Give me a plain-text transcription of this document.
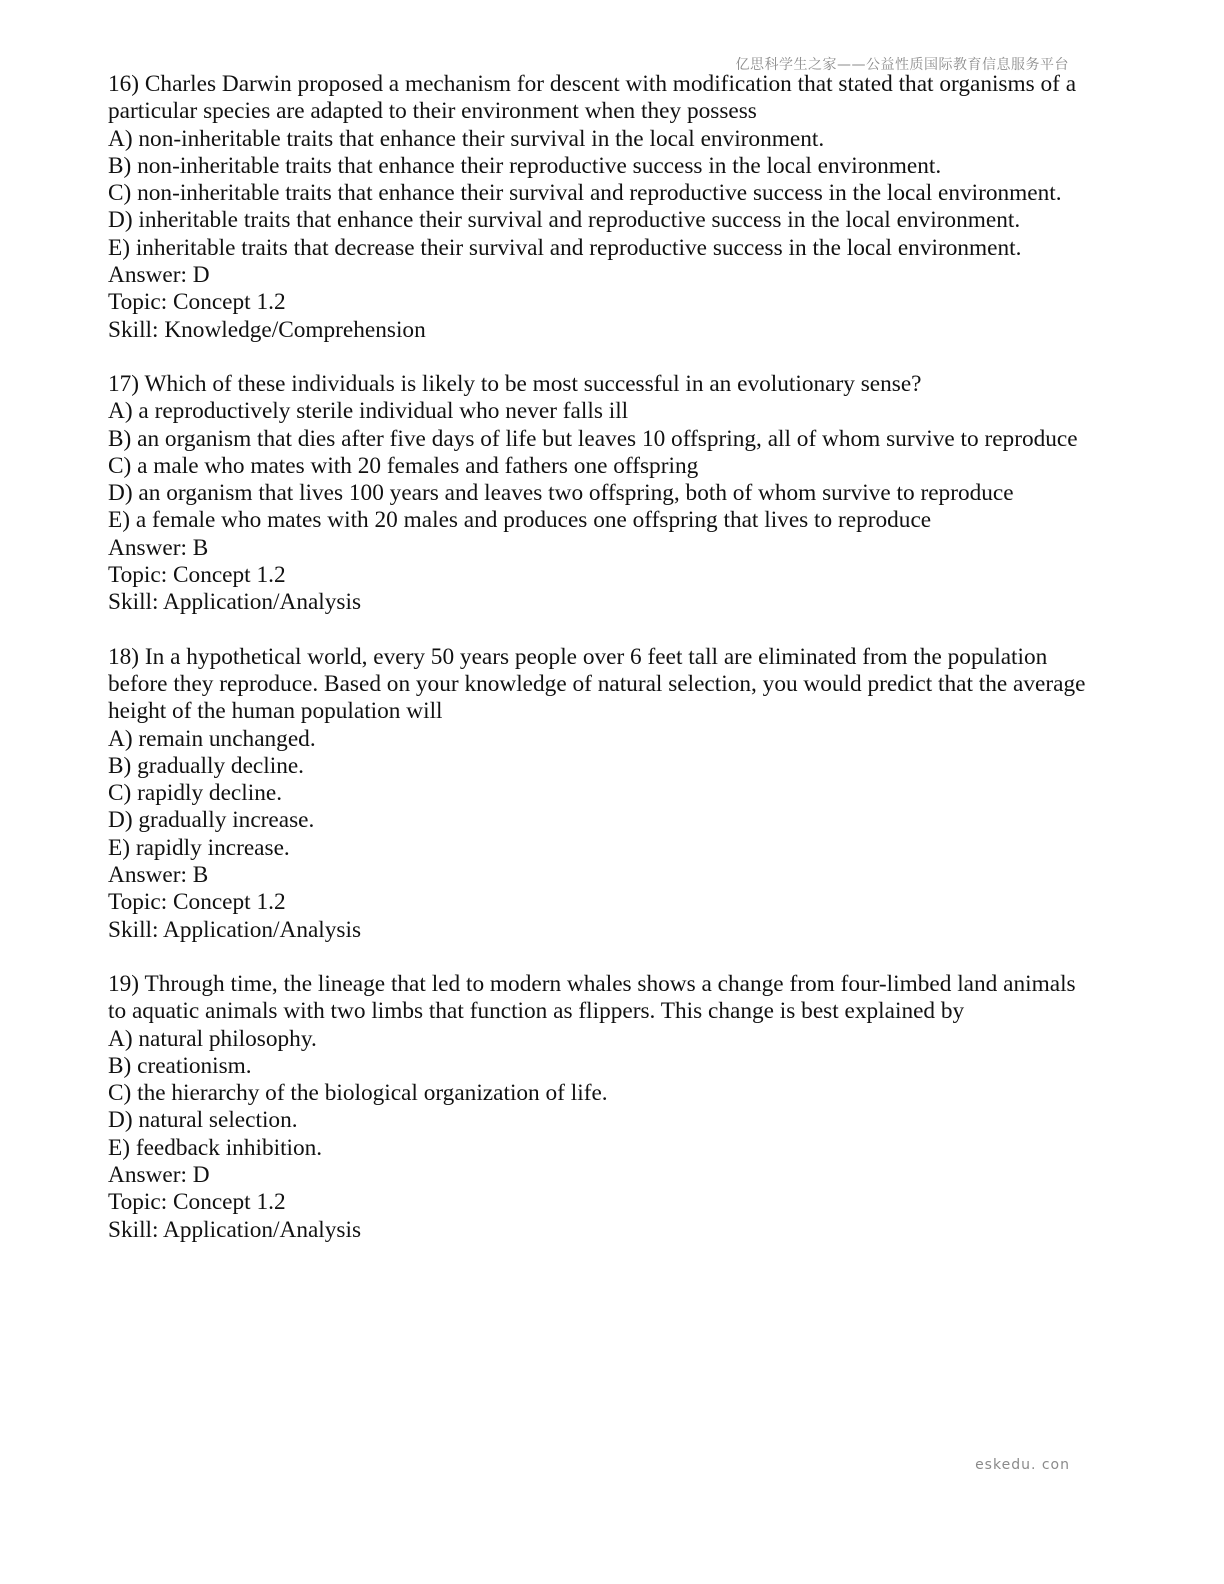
亿思科学生之家——公益性质国际教育信息服务平台
16) Charles Darwin proposed a mechanism for descent with modification that stated that organisms of a
particular species are adapted to their environment when they possess
A) non-inheritable traits that enhance their survival in the local environment.
B) non-inheritable traits that enhance their reproductive success in the local environment.
C) non-inheritable traits that enhance their survival and reproductive success in the local environment.
D) inheritable traits that enhance their survival and reproductive success in the local environment.
E) inheritable traits that decrease their survival and reproductive success in the local environment.
Answer: D
Topic: Concept 1.2
Skill: Knowledge/Comprehension
17) Which of these individuals is likely to be most successful in an evolutionary sense?
A) a reproductively sterile individual who never falls ill
B) an organism that dies after five days of life but leaves 10 offspring, all of whom survive to reproduce
C) a male who mates with 20 females and fathers one offspring
D) an organism that lives 100 years and leaves two offspring, both of whom survive to reproduce
E) a female who mates with 20 males and produces one offspring that lives to reproduce
Answer: B
Topic: Concept 1.2
Skill: Application/Analysis
18) In a hypothetical world, every 50 years people over 6 feet tall are eliminated from the population
before they reproduce. Based on your knowledge of natural selection, you would predict that the average
height of the human population will
A) remain unchanged.
B) gradually decline.
C) rapidly decline.
D) gradually increase.
E) rapidly increase.
Answer: B
Topic: Concept 1.2
Skill: Application/Analysis
19) Through time, the lineage that led to modern whales shows a change from four-limbed land animals
to aquatic animals with two limbs that function as flippers. This change is best explained by
A) natural philosophy.
B) creationism.
C) the hierarchy of the biological organization of life.
D) natural selection.
E) feedback inhibition.
Answer: D
Topic: Concept 1.2
Skill: Application/Analysis
eskedu. con
